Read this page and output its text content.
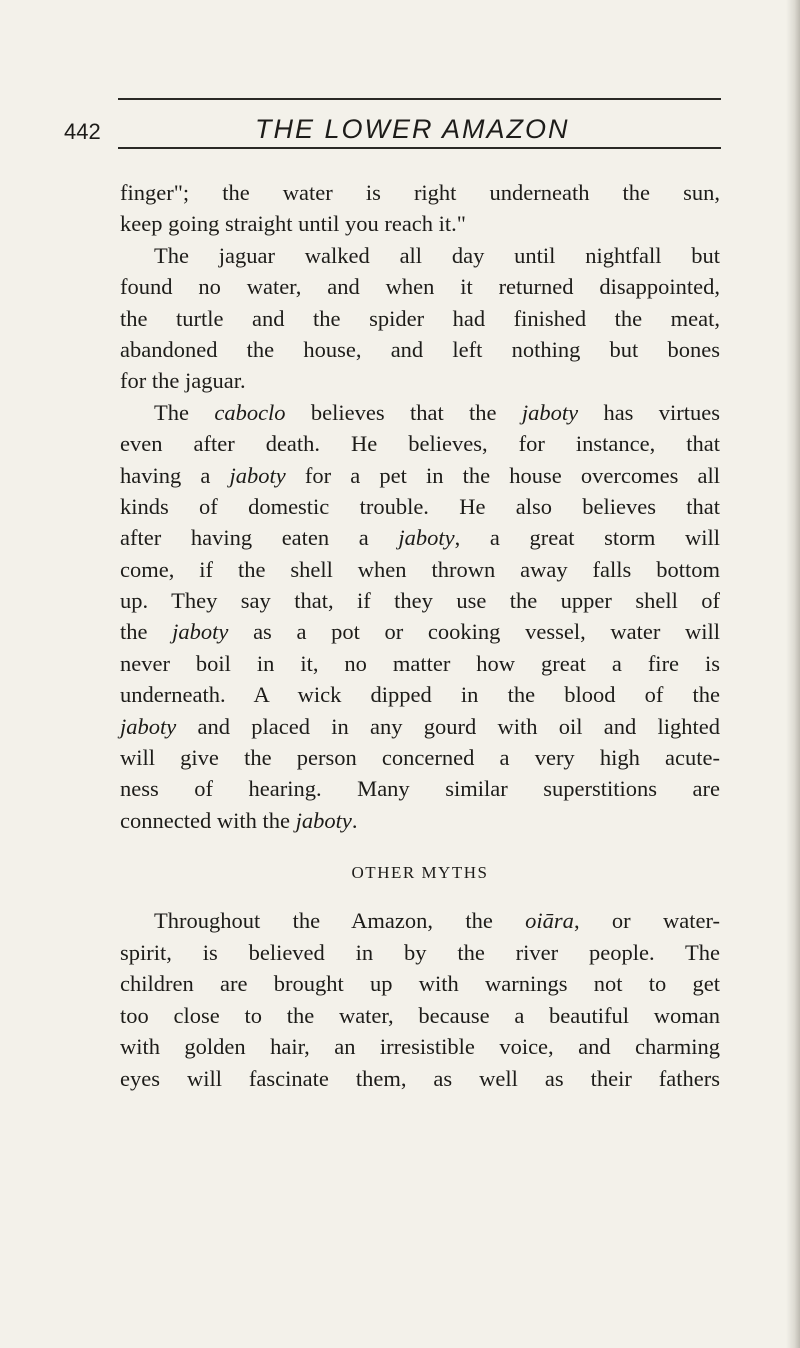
442	THE LOWER AMAZON
finger"; the water is right underneath the sun,
keep going straight until you reach it."
The jaguar walked all day until nightfall but
found no water, and when it returned disappointed,
the turtle and the spider had finished the meat,
abandoned the house, and left nothing but bones
for the jaguar.
The caboclo believes that the jaboty has virtues
even after death. He believes, for instance, that
having a jaboty for a pet in the house overcomes all
kinds of domestic trouble. He also believes that
after having eaten a jaboty, a great storm will
come, if the shell when thrown away falls bottom
up. They say that, if they use the upper shell of
the jaboty as a pot or cooking vessel, water will
never boil in it, no matter how great a fire is
underneath. A wick dipped in the blood of the
jaboty and placed in any gourd with oil and lighted
will give the person concerned a very high acute-
ness of hearing. Many similar superstitions are
connected with the jaboty.
OTHER MYTHS
Throughout the Amazon, the oiāra, or water-
spirit, is believed in by the river people. The
children are brought up with warnings not to get
too close to the water, because a beautiful woman
with golden hair, an irresistible voice, and charming
eyes will fascinate them, as well as their fathers
